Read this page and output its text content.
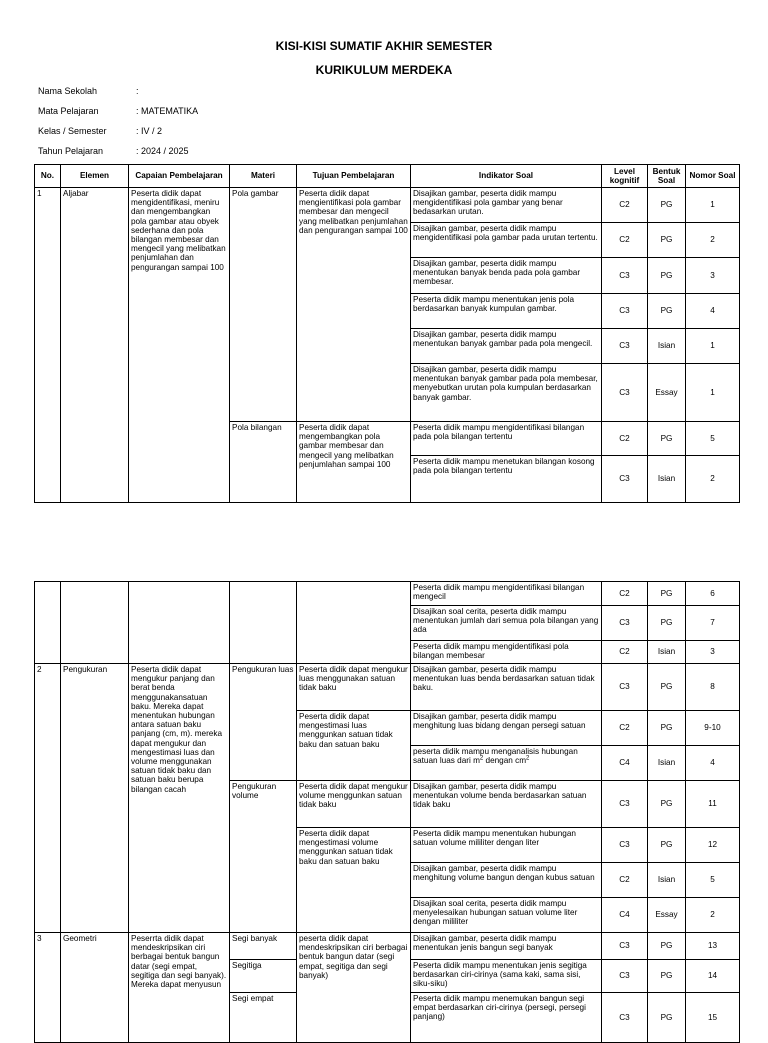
KISI-KISI SUMATIF AKHIR SEMESTER
KURIKULUM MERDEKA
Nama Sekolah	:
Mata Pelajaran	: MATEMATIKA
Kelas / Semester	: IV / 2
Tahun Pelajaran	: 2024 / 2025
No.	Elemen	Capaian Pembelajaran	Materi	Tujuan Pembelajaran	Indikator Soal	Level kognitif	Bentuk Soal	Nomor Soal
1	Aljabar	Peserta didik dapat mengidentifikasi, meniru dan mengembangkan pola gambar atau obyek sederhana dan pola bilangan membesar dan mengecil yang melibatkan penjumlahan dan pengurangan sampai 100	Pola gambar	Peserta didik dapat mengientifikasi pola gambar membesar dan mengecil yang melibatkan penjumlahan dan pengurangan sampai 100	Disajikan gambar, peserta didik mampu mengidentifikasi pola gambar yang benar bedasarkan urutan.	C2	PG	1
					Disajikan gambar, peserta didik mampu mengidentifikasi pola gambar pada urutan tertentu.	C2	PG	2
					Disajikan gambar, peserta didik mampu menentukan banyak benda pada pola gambar membesar.	C3	PG	3
					Peserta didik mampu menentukan jenis pola berdasarkan banyak kumpulan gambar.	C3	PG	4
					Disajikan gambar, peserta didik mampu menentukan banyak gambar pada pola mengecil.	C3	Isian	1
					Disajikan gambar, peserta didik mampu menentukan banyak gambar pada pola membesar, menyebutkan urutan pola kumpulan berdasarkan banyak gambar.	C3	Essay	1
			Pola bilangan	Peserta didik dapat mengembangkan pola gambar membesar dan mengecil yang melibatkan penjumlahan sampai 100	Peserta didik mampu mengidentifikasi bilangan pada pola bilangan tertentu	C2	PG	5
					Peserta didik mampu menetukan bilangan kosong pada pola bilangan tertentu	C3	Isian	2
					Peserta didik mampu mengidentifikasi bilangan mengecil	C2	PG	6
					Disajikan soal cerita, peserta didik mampu menentukan jumlah dari semua pola bilangan yang ada	C3	PG	7
					Peserta didik mampu mengidentifikasi pola bilangan membesar	C2	Isian	3
2	Pengukuran	Peserta didik dapat mengukur panjang dan berat benda menggunakansatuan baku. Mereka dapat menentukan hubungan antara satuan baku panjang (cm, m). mereka dapat mengukur dan mengestimasi luas dan volume menggunakan satuan tidak baku dan satuan baku berupa bilangan cacah	Pengukuran luas	Peserta didik dapat mengukur luas menggunakan satuan tidak baku	Disajikan gambar, peserta didik mampu menentukan luas benda berdasarkan satuan tidak baku.	C3	PG	8
				Peserta didik dapat mengestimasi luas menggunkan satuan tidak baku dan satuan baku	Disajikan gambar, peserta didik mampu menghitung luas bidang dengan persegi satuan	C2	PG	9-10
					peserta didik mampu menganalisis hubungan satuan luas dari $m^2$ dengan $cm^2$	C4	Isian	4
			Pengukuran volume	Peserta didik dapat mengukur volume menggunkan satuan tidak baku	Disajikan gambar, peserta didik mampu menentukan volume benda berdasarkan satuan tidak baku	C3	PG	11
				Peserta didik dapat mengestimasi volume menggunkan satuan tidak baku dan satuan baku	Peserta didik mampu menentukan hubungan satuan volume mililiter dengan liter	C3	PG	12
					Disajikan gambar, peserta didik mampu menghitung volume bangun dengan kubus satuan	C2	Isian	5
					Disajikan soal cerita, peserta didik mampu menyelesaikan hubungan satuan volume liter dengan mililiter	C4	Essay	2
3	Geometri	Peserrta didik dapat mendeskripsikan ciri berbagai bentuk bangun datar (segi empat, segitiga dan segi banyak). Mereka dapat menyusun	Segi banyak	peserta didik dapat mendeskripsikan ciri berbagai bentuk bangun datar (segi empat, segitiga dan segi banyak)	Disajikan gambar, peserta didik mampu menentukan jenis bangun segi banyak	C3	PG	13
			Segitiga		Peserta didik mampu menentukan jenis segitiga berdasarkan ciri-cirinya (sama kaki, sama sisi, siku-siku)	C3	PG	14
			Segi empat		Peserta didik mampu menemukan bangun segi empat berdasarkan ciri-cirinya (persegi, persegi panjang)	C3	PG	15
